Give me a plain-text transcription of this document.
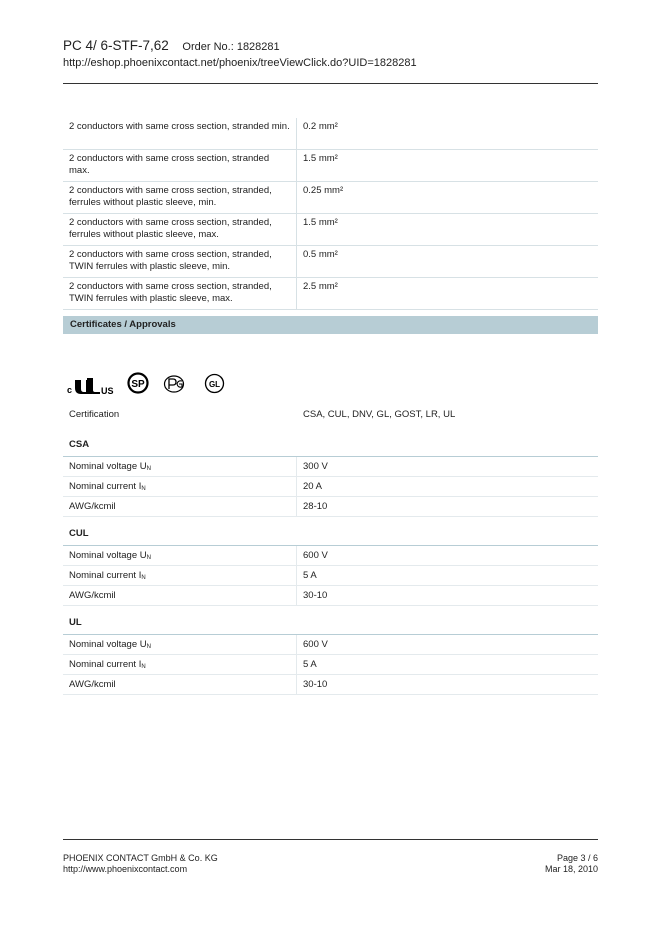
PC 4/ 6-STF-7,62 Order No.: 1828281
http://eshop.phoenixcontact.net/phoenix/treeViewClick.do?UID=1828281
2 conductors with same cross section, stranded min.	0.2 mm²
2 conductors with same cross section, stranded max.	1.5 mm²
2 conductors with same cross section, stranded, ferrules without plastic sleeve, min.	0.25 mm²
2 conductors with same cross section, stranded, ferrules without plastic sleeve, max.	1.5 mm²
2 conductors with same cross section, stranded, TWIN ferrules with plastic sleeve, min.	0.5 mm²
2 conductors with same cross section, stranded, TWIN ferrules with plastic sleeve, max.	2.5 mm²
Certificates / Approvals
c	US
SP	GL
Certification	CSA, CUL, DNV, GL, GOST, LR, UL
CSA
Nominal voltage $U_N$	300 V
Nominal current $I_N$	20 A
AWG/kcmil	28-10
CUL
Nominal voltage $U_N$	600 V
Nominal current $I_N$	5 A
AWG/kcmil	30-10
UL
Nominal voltage $U_N$	600 V
Nominal current $I_N$	5 A
AWG/kcmil	30-10
PHOENIX CONTACT GmbH & Co. KG
http://www.phoenixcontact.com
Page 3 / 6
Mar 18, 2010
